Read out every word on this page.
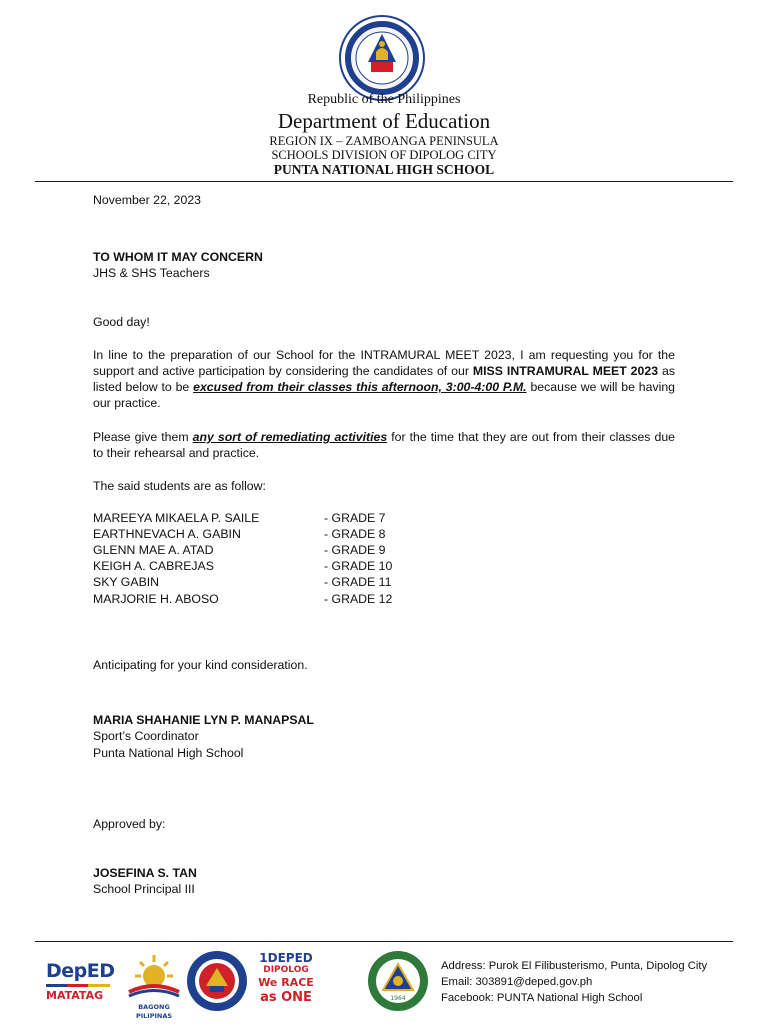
Republic of the Philippines
Department of Education
REGION IX – ZAMBOANGA PENINSULA
SCHOOLS DIVISION OF DIPOLOG CITY
PUNTA NATIONAL HIGH SCHOOL
November 22, 2023
TO WHOM IT MAY CONCERN
JHS & SHS Teachers
Good day!
In line to the preparation of our School for the INTRAMURAL MEET 2023, I am requesting you for the support and active participation by considering the candidates of our MISS INTRAMURAL MEET 2023 as listed below to be excused from their classes this afternoon, 3:00-4:00 P.M. because we will be having our practice.
Please give them any sort of remediating activities for the time that they are out from their classes due to their rehearsal and practice.
The said students are as follow:
MAREEYA MIKAELA P. SAILE	- GRADE 7
EARTHNEVACH A. GABIN	- GRADE 8
GLENN MAE A. ATAD	- GRADE 9
KEIGH A. CABREJAS	- GRADE 10
SKY GABIN	- GRADE 11
MARJORIE H. ABOSO	- GRADE 12
Anticipating for your kind consideration.
MARIA SHAHANIE LYN P. MANAPSAL
Sport’s Coordinator
Punta National High School
Approved by:
JOSEFINA S. TAN
School Principal III
DepED
MATATAG
BAGONG PILIPINAS
1DEPED
DIPOLOG
We RACE
as ONE	1964
Address: Purok El Filibusterismo, Punta, Dipolog City
Email: 303891@deped.gov.ph
Facebook: PUNTA National High School
